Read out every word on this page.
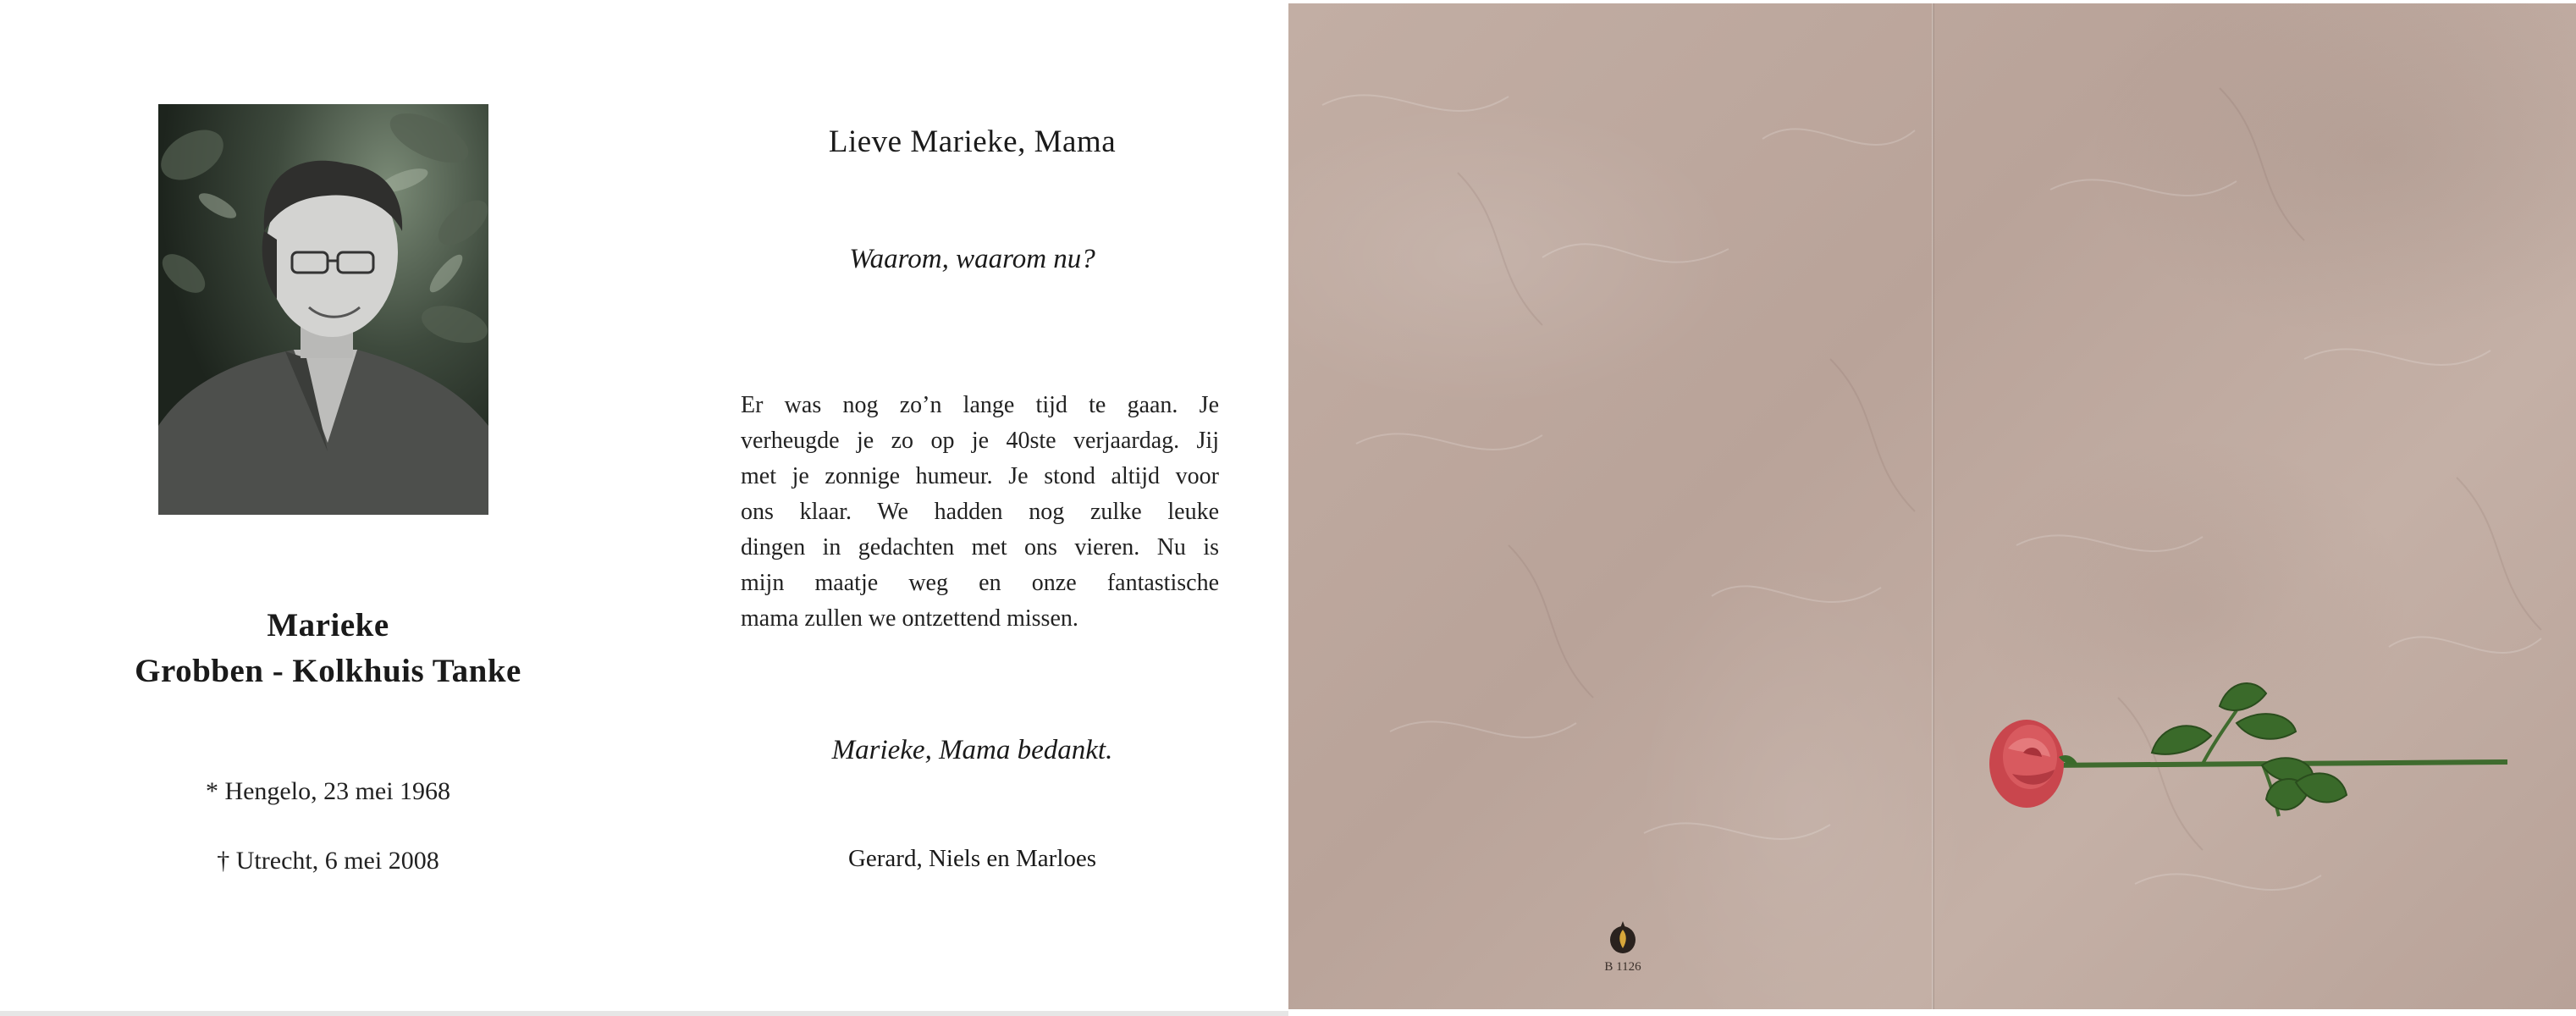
Marieke
Grobben - Kolkhuis Tanke
* Hengelo, 23 mei 1968
† Utrecht, 6 mei 2008
Lieve Marieke, Mama
Waarom, waarom nu?
Er was nog zo’n lange tijd te gaan. Je
verheugde je zo op je 40ste verjaardag. Jij
met je zonnige humeur. Je stond altijd voor
ons klaar. We hadden nog zulke leuke
dingen in gedachten met ons vieren. Nu is
mijn maatje weg en onze fantastische
mama zullen we ontzettend missen.
Marieke, Mama bedankt.
Gerard, Niels en Marloes
B 1126
